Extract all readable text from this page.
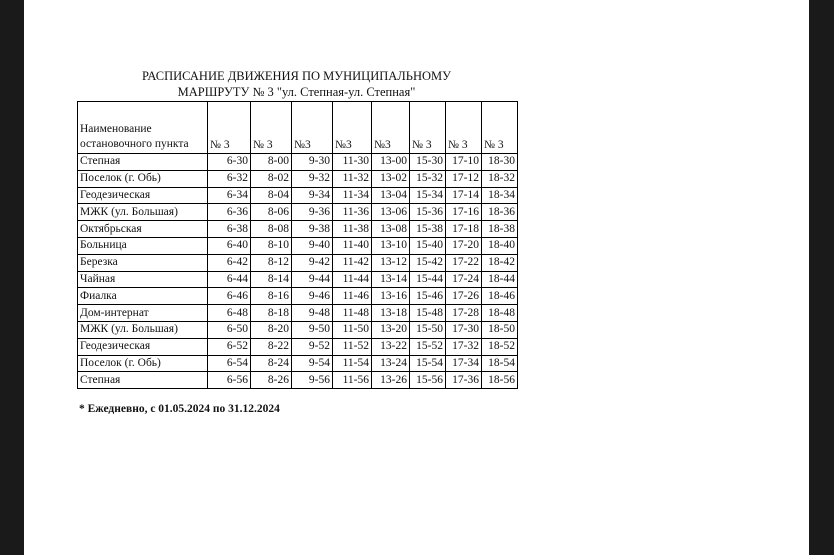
РАСПИСАНИЕ ДВИЖЕНИЯ ПО МУНИЦИПАЛЬНОМУ
МАРШРУТУ № 3 "ул. Степная-ул. Степная"
Наименование
остановочного пункта	№ 3	№ 3	№3	№3	№3	№ 3	№ 3	№ 3
Степная	6-30	8-00	9-30	11-30	13-00	15-30	17-10	18-30
Поселок (г. Обь)	6-32	8-02	9-32	11-32	13-02	15-32	17-12	18-32
Геодезическая	6-34	8-04	9-34	11-34	13-04	15-34	17-14	18-34
МЖК (ул. Большая)	6-36	8-06	9-36	11-36	13-06	15-36	17-16	18-36
Октябрьская	6-38	8-08	9-38	11-38	13-08	15-38	17-18	18-38
Больница	6-40	8-10	9-40	11-40	13-10	15-40	17-20	18-40
Березка	6-42	8-12	9-42	11-42	13-12	15-42	17-22	18-42
Чайная	6-44	8-14	9-44	11-44	13-14	15-44	17-24	18-44
Фиалка	6-46	8-16	9-46	11-46	13-16	15-46	17-26	18-46
Дом-интернат	6-48	8-18	9-48	11-48	13-18	15-48	17-28	18-48
МЖК (ул. Большая)	6-50	8-20	9-50	11-50	13-20	15-50	17-30	18-50
Геодезическая	6-52	8-22	9-52	11-52	13-22	15-52	17-32	18-52
Поселок (г. Обь)	6-54	8-24	9-54	11-54	13-24	15-54	17-34	18-54
Степная	6-56	8-26	9-56	11-56	13-26	15-56	17-36	18-56
* Ежедневно, с 01.05.2024 по 31.12.2024
